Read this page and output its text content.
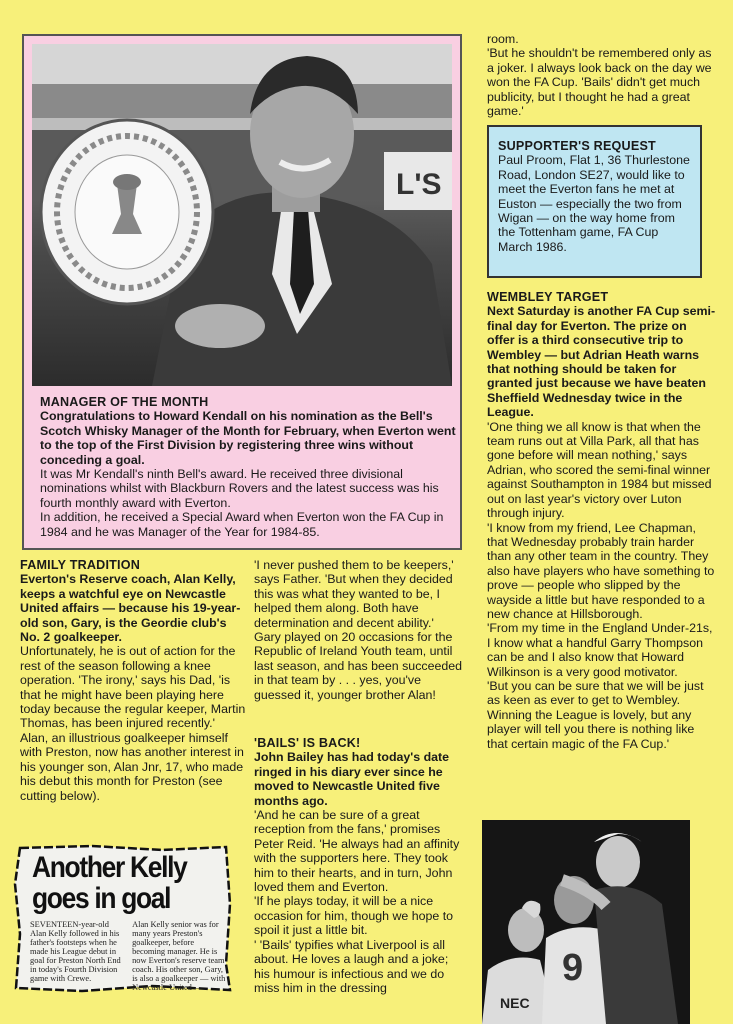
L'S

MANAGER OF THE MONTH

Congratulations to Howard Kendall on his nomination as the Bell's Scotch Whisky Manager of the Month for February, when Everton went to the top of the First Division by registering three wins without conceding a goal.

It was Mr Kendall's ninth Bell's award. He received three divisional nominations whilst with Blackburn Rovers and the latest success was his fourth monthly award with Everton.

In addition, he received a Special Award when Everton won the FA Cup in 1984 and he was Manager of the Year for 1984-85.

room.

'But he shouldn't be remembered only as a joker. I always look back on the day we won the FA Cup. 'Bails' didn't get much publicity, but I thought he had a great game.'

SUPPORTER'S REQUEST

Paul Proom, Flat 1, 36 Thurlestone Road, London SE27, would like to meet the Everton fans he met at Euston — especially the two from Wigan — on the way home from the Tottenham game, FA Cup March 1986.

WEMBLEY TARGET

Next Saturday is another FA Cup semi-final day for Everton. The prize on offer is a third consecutive trip to Wembley — but Adrian Heath warns that nothing should be taken for granted just because we have beaten Sheffield Wednesday twice in the League.

'One thing we all know is that when the team runs out at Villa Park, all that has gone before will mean nothing,' says Adrian, who scored the semi-final winner against Southampton in 1984 but missed out on last year's victory over Luton through injury.

'I know from my friend, Lee Chapman, that Wednesday probably train harder than any other team in the country. They also have players who have something to prove — people who slipped by the wayside a little but have responded to a new chance at Hillsborough.

'From my time in the England Under-21s, I know what a handful Garry Thompson can be and I also know that Howard Wilkinson is a very good motivator.

'But you can be sure that we will be just as keen as ever to get to Wembley. Winning the League is lovely, but any player will tell you there is nothing like that certain magic of the FA Cup.'

FAMILY TRADITION

Everton's Reserve coach, Alan Kelly, keeps a watchful eye on Newcastle United affairs — because his 19-year-old son, Gary, is the Geordie club's No. 2 goalkeeper.

Unfortunately, he is out of action for the rest of the season following a knee operation. 'The irony,' says his Dad, 'is that he might have been playing here today because the regular keeper, Martin Thomas, has been injured recently.'

Alan, an illustrious goalkeeper himself with Preston, now has another interest in his younger son, Alan Jnr, 17, who made his debut this month for Preston (see cutting below).

'I never pushed them to be keepers,' says Father. 'But when they decided this was what they wanted to be, I helped them along. Both have determination and decent ability.'

Gary played on 20 occasions for the Republic of Ireland Youth team, until last season, and has been succeeded in that team by . . . yes, you've guessed it, younger brother Alan!

'BAILS' IS BACK!

John Bailey has had today's date ringed in his diary ever since he moved to Newcastle United five months ago.

'And he can be sure of a great reception from the fans,' promises Peter Reid. 'He always had an affinity with the supporters here. They took him to their hearts, and in turn, John loved them and Everton.

'If he plays today, it will be a nice occasion for him, though we hope to spoil it just a little bit.

' 'Bails' typifies what Liverpool is all about. He loves a laugh and a joke; his humour is infectious and we do miss him in the dressing

Another Kelly goes in goal
SEVENTEEN-year-old Alan Kelly followed in his father's footsteps when he made his League debut in goal for Preston North End in today's Fourth Division game with Crewe. Alan Kelly senior was for many years Preston's goalkeeper, before becoming manager. He is now Everton's reserve team coach. His other son, Gary, is also a goalkeeper — with Newcastle United —
NEC
9
